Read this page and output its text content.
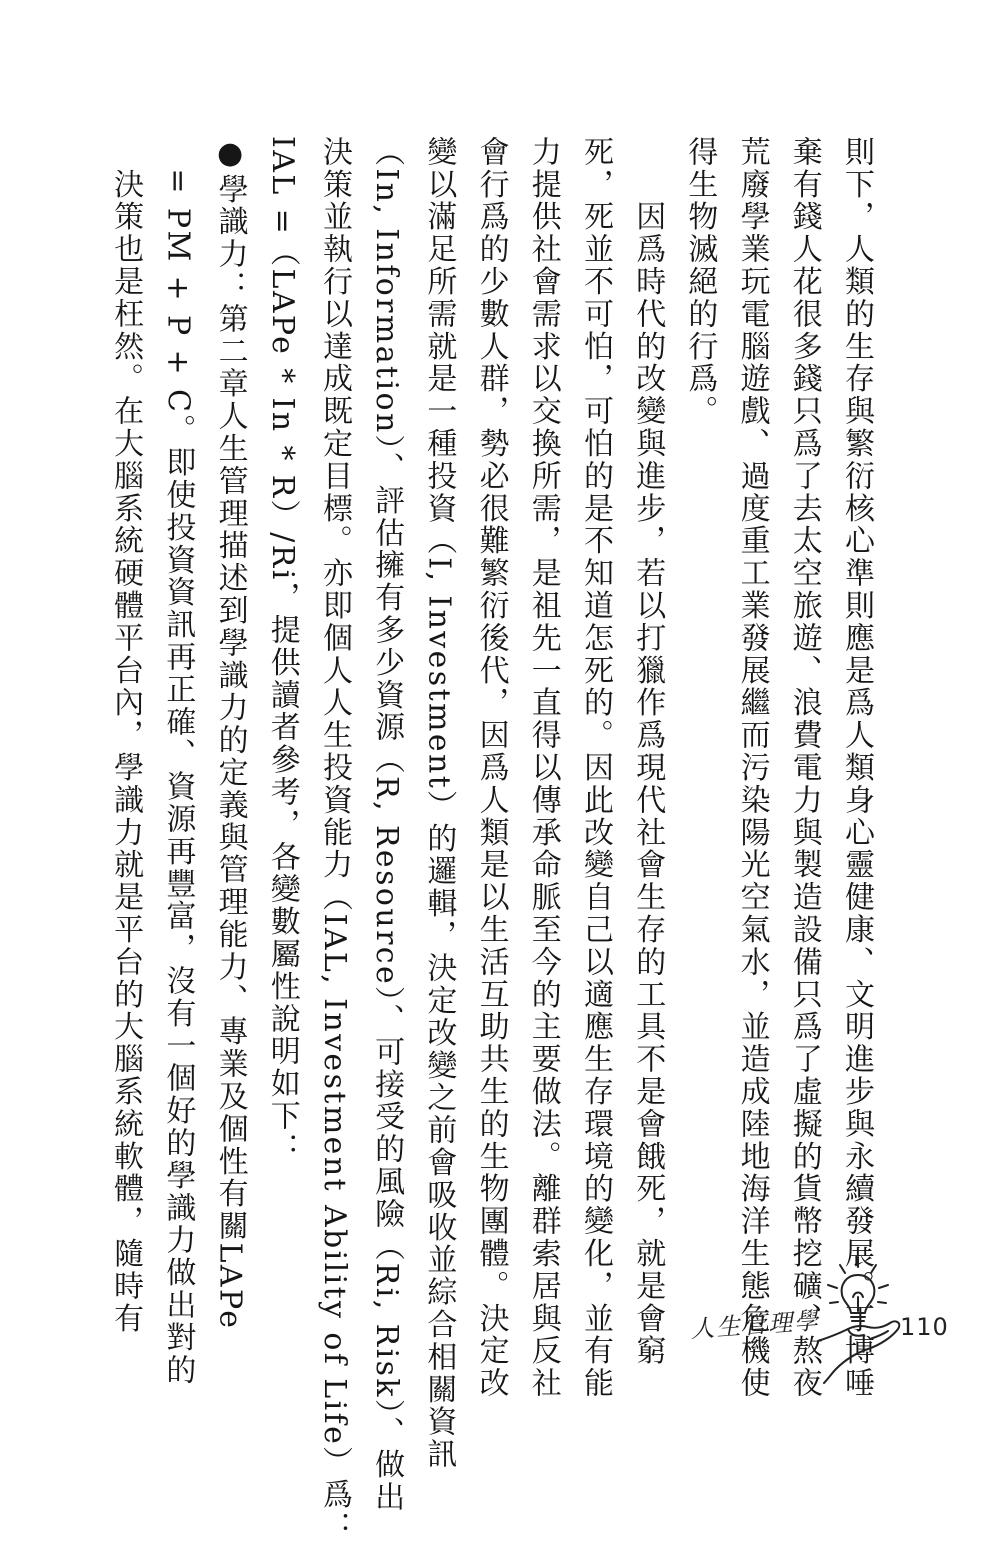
則下，人類的生存與繁衍核心準則應是爲人類身心靈健康、文明進步與永續發展。丁博唾
棄有錢人花很多錢只爲了去太空旅遊、浪費電力與製造設備只爲了虛擬的貨幣挖礦、熬夜
荒廢學業玩電腦遊戲、過度重工業發展繼而污染陽光空氣水，並造成陸地海洋生態危機使
得生物滅絕的行爲。
　　因爲時代的改變與進步，若以打獵作爲現代社會生存的工具不是會餓死，就是會窮
死，死並不可怕，可怕的是不知道怎死的。因此改變自己以適應生存環境的變化，並有能
力提供社會需求以交換所需，是祖先一直得以傳承命脈至今的主要做法。離群索居與反社
會行爲的少數人群，勢必很難繁衍後代，因爲人類是以生活互助共生的生物團體。決定改
變以滿足所需就是一種投資（I, Investment）的邏輯，決定改變之前會吸收並綜合相關資訊
（In, Information）、評估擁有多少資源（R, Resource）、可接受的風險（Ri, Risk）、做出
決策並執行以達成既定目標。亦即個人人生投資能力（IAL, Investment Ability of Life）爲：
IAL =（LAPe * In * R）/Ri，提供讀者參考，各變數屬性說明如下：
●學識力：第二章人生管理描述到學識力的定義與管理能力、專業及個性有關LAPe
　= PM + P + C。即使投資資訊再正確、資源再豐富，沒有一個好的學識力做出對的
　決策也是枉然。在大腦系統硬體平台內，學識力就是平台的大腦系統軟體，隨時有	人生管理學	110
